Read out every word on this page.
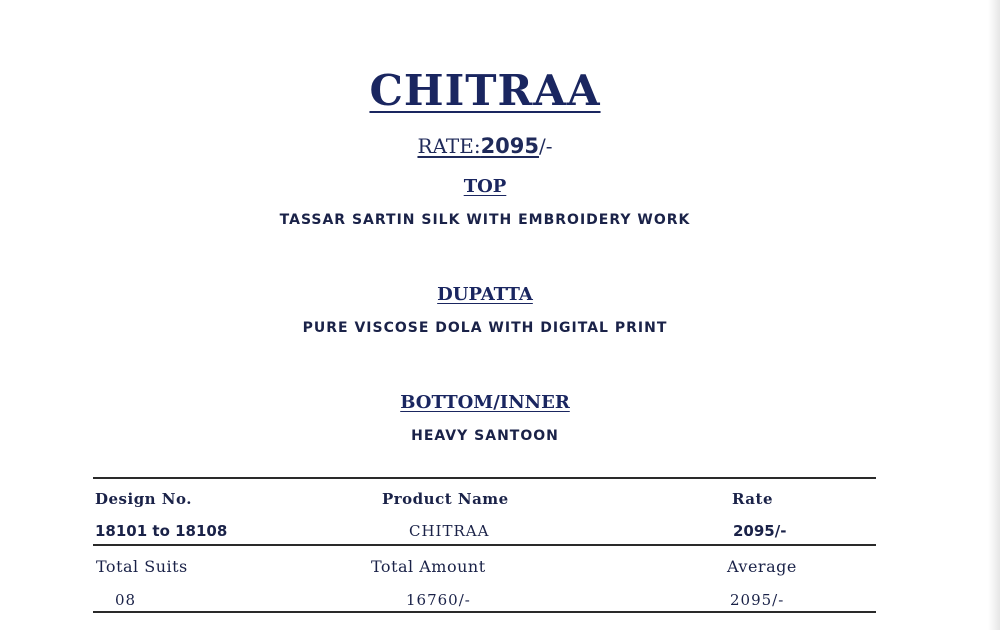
CHITRAA
RATE:2095/-
TOP
TASSAR SARTIN SILK WITH EMBROIDERY WORK
DUPATTA
PURE VISCOSE DOLA WITH DIGITAL PRINT
BOTTOM/INNER
HEAVY SANTOON
Design No.	Product Name	Rate
18101 to 18108	CHITRAA	2095/-
Total Suits	Total Amount	Average
08	16760/-	2095/-
